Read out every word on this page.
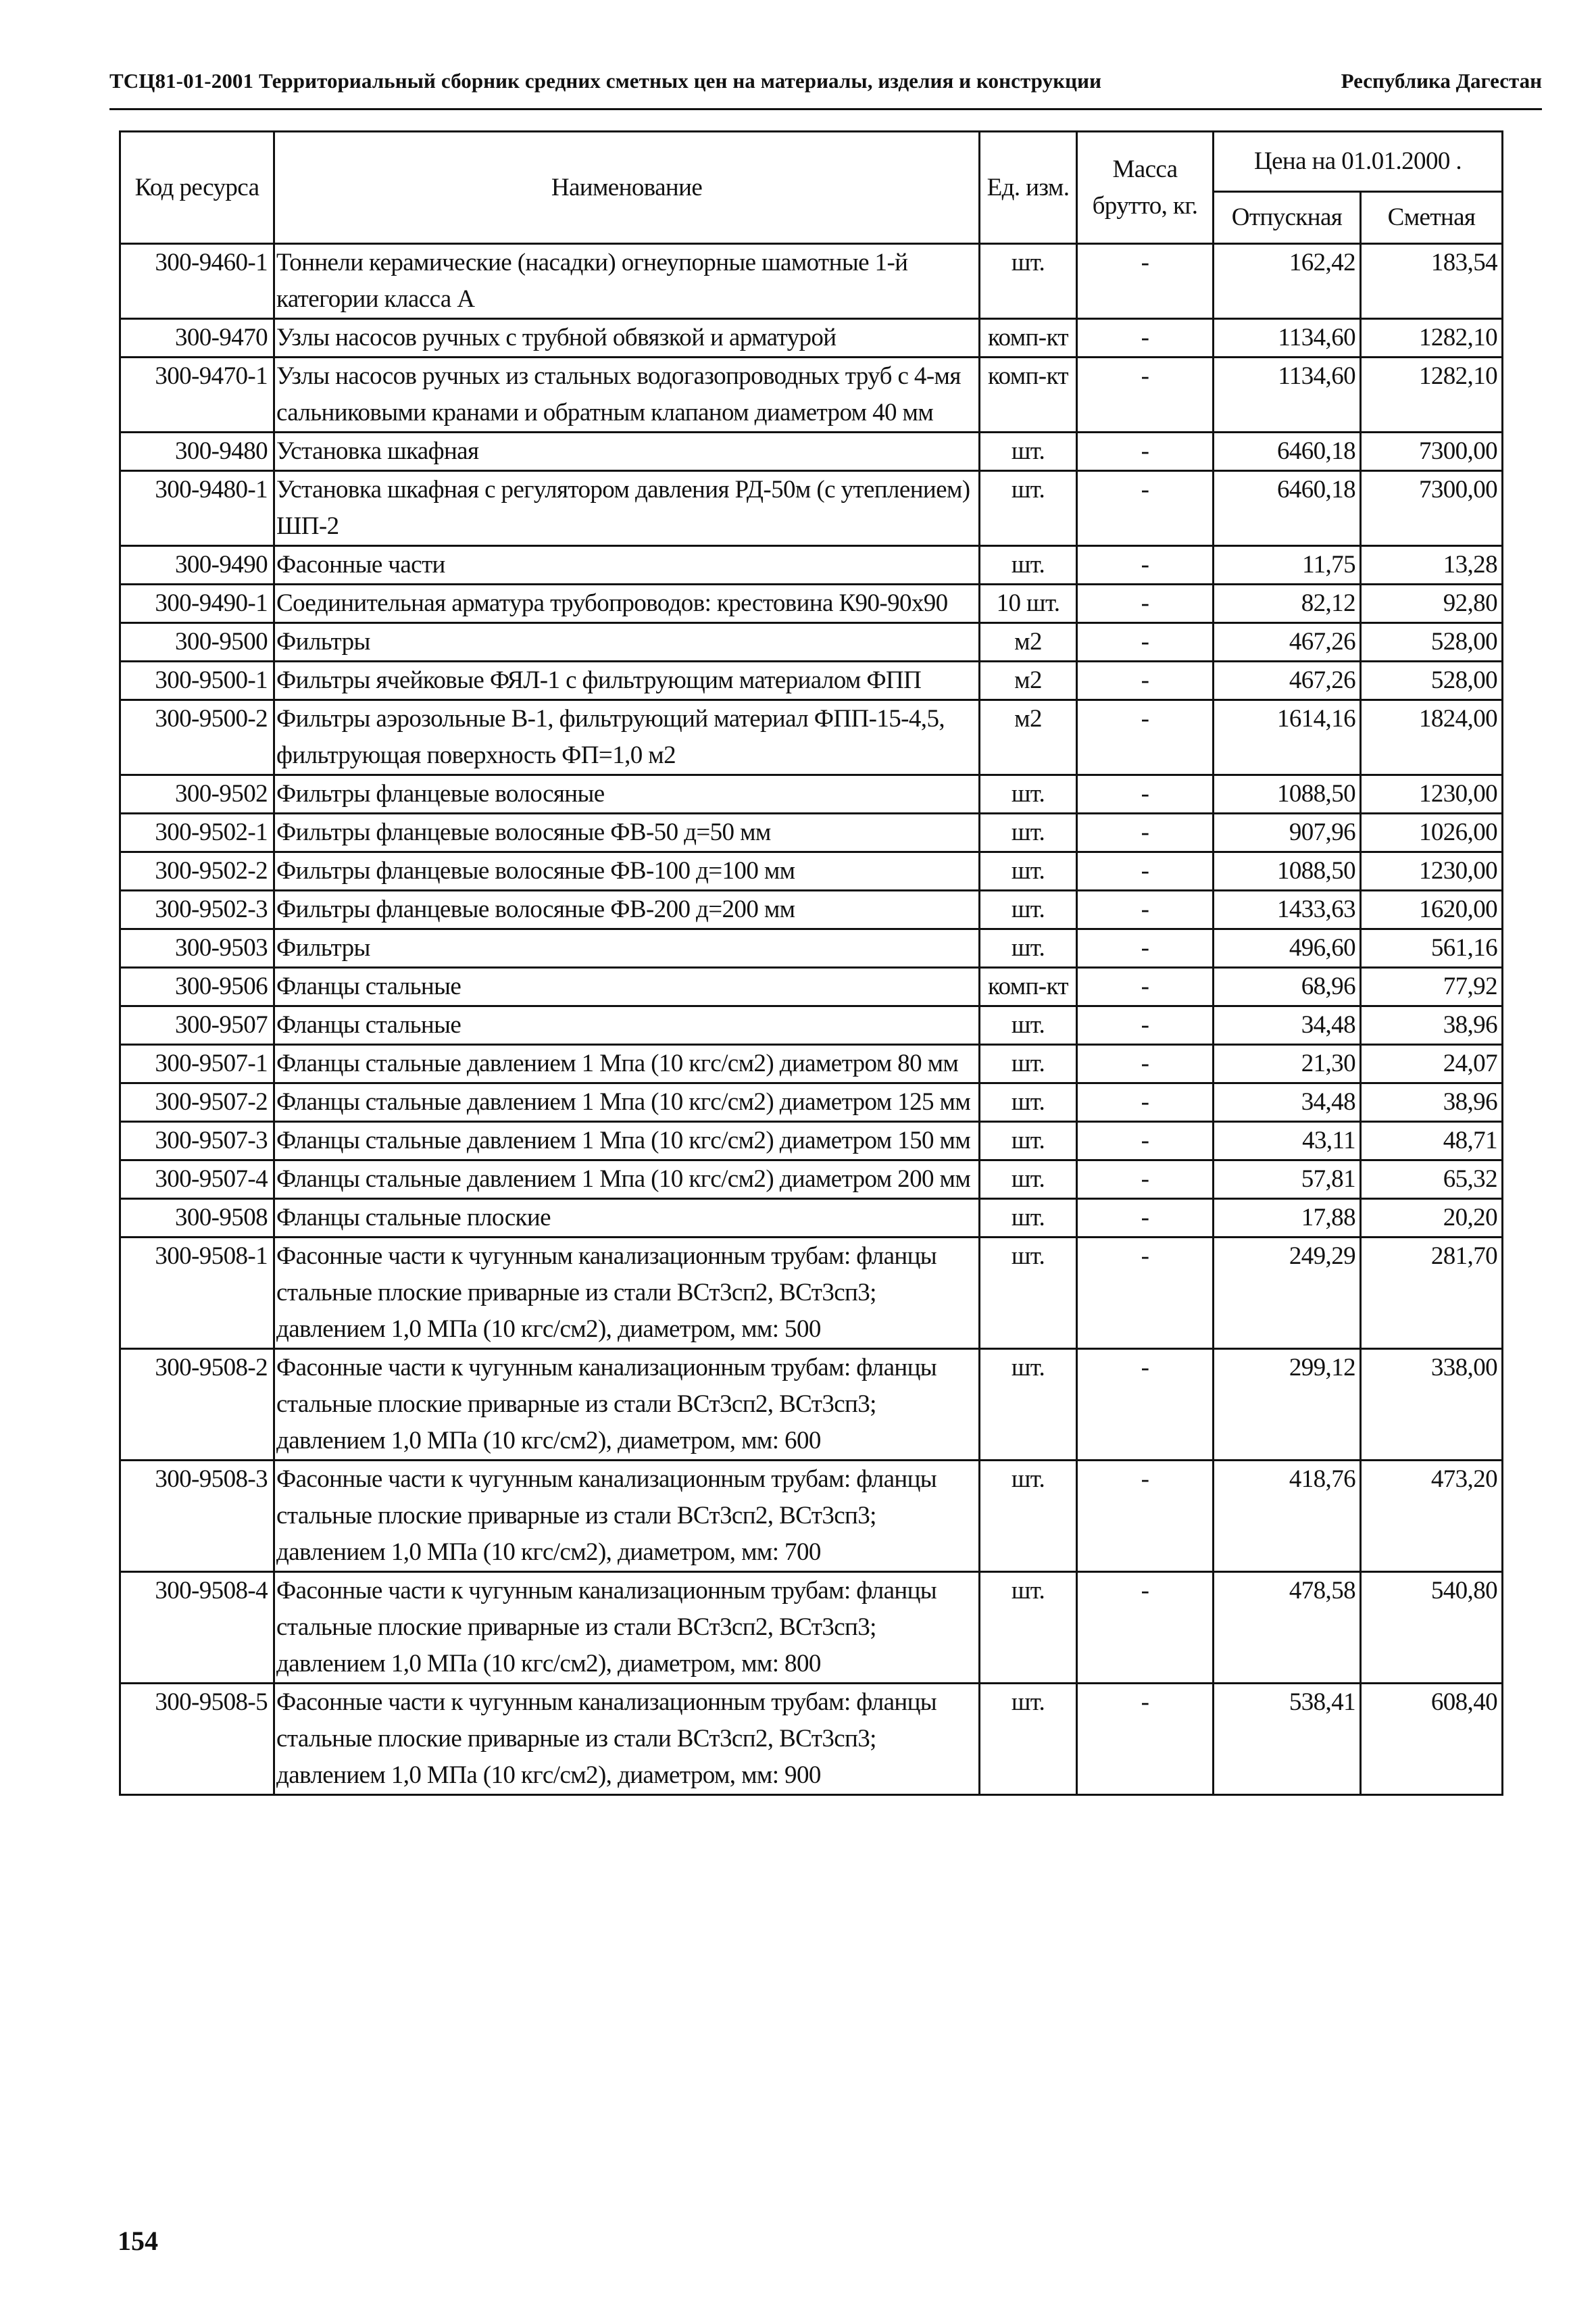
ТСЦ81-01-2001 Территориальный сборник средних сметных цен на материалы, изделия и конструкции	Республика Дагестан
Код ресурса	Наименование	Ед. изм.	Масса брутто, кг.	Цена на 01.01.2000 .	
				Отпускная	Сметная
300-9460-1	Тоннели керамические (насадки) огнеупорные шамотные 1-й категории класса А	шт.	-	162,42	183,54
300-9470	Узлы насосов ручных с трубной обвязкой и арматурой	комп-кт	-	1134,60	1282,10
300-9470-1	Узлы насосов ручных из стальных водогазопроводных труб с 4-мя сальниковыми кранами и обратным клапаном диаметром 40 мм	комп-кт	-	1134,60	1282,10
300-9480	Установка шкафная	шт.	-	6460,18	7300,00
300-9480-1	Установка шкафная с регулятором давления РД-50м (с утеплением) ШП-2	шт.	-	6460,18	7300,00
300-9490	Фасонные части	шт.	-	11,75	13,28
300-9490-1	Соединительная арматура трубопроводов: крестовина К90-90х90	10 шт.	-	82,12	92,80
300-9500	Фильтры	м2	-	467,26	528,00
300-9500-1	Фильтры ячейковые ФЯЛ-1 с фильтрующим материалом ФПП	м2	-	467,26	528,00
300-9500-2	Фильтры аэрозольные В-1, фильтрующий материал ФПП-15-4,5, фильтрующая поверхность ФП=1,0 м2	м2	-	1614,16	1824,00
300-9502	Фильтры фланцевые волосяные	шт.	-	1088,50	1230,00
300-9502-1	Фильтры фланцевые волосяные ФВ-50 д=50 мм	шт.	-	907,96	1026,00
300-9502-2	Фильтры фланцевые волосяные ФВ-100 д=100 мм	шт.	-	1088,50	1230,00
300-9502-3	Фильтры фланцевые волосяные ФВ-200 д=200 мм	шт.	-	1433,63	1620,00
300-9503	Фильтры	шт.	-	496,60	561,16
300-9506	Фланцы стальные	комп-кт	-	68,96	77,92
300-9507	Фланцы стальные	шт.	-	34,48	38,96
300-9507-1	Фланцы стальные давлением 1 Мпа (10 кгс/см2) диаметром 80 мм	шт.	-	21,30	24,07
300-9507-2	Фланцы стальные давлением 1 Мпа (10 кгс/см2) диаметром 125 мм	шт.	-	34,48	38,96
300-9507-3	Фланцы стальные давлением 1 Мпа (10 кгс/см2) диаметром 150 мм	шт.	-	43,11	48,71
300-9507-4	Фланцы стальные давлением 1 Мпа (10 кгс/см2) диаметром 200 мм	шт.	-	57,81	65,32
300-9508	Фланцы стальные плоские	шт.	-	17,88	20,20
300-9508-1	Фасонные части к чугунным канализационным трубам: фланцы стальные плоские приварные из стали ВСт3сп2, ВСт3сп3; давлением 1,0 МПа (10 кгс/см2), диаметром, мм: 500	шт.	-	249,29	281,70
300-9508-2	Фасонные части к чугунным канализационным трубам: фланцы стальные плоские приварные из стали ВСт3сп2, ВСт3сп3; давлением 1,0 МПа (10 кгс/см2), диаметром, мм: 600	шт.	-	299,12	338,00
300-9508-3	Фасонные части к чугунным канализационным трубам: фланцы стальные плоские приварные из стали ВСт3сп2, ВСт3сп3; давлением 1,0 МПа (10 кгс/см2), диаметром, мм: 700	шт.	-	418,76	473,20
300-9508-4	Фасонные части к чугунным канализационным трубам: фланцы стальные плоские приварные из стали ВСт3сп2, ВСт3сп3; давлением 1,0 МПа (10 кгс/см2), диаметром, мм: 800	шт.	-	478,58	540,80
300-9508-5	Фасонные части к чугунным канализационным трубам: фланцы стальные плоские приварные из стали ВСт3сп2, ВСт3сп3; давлением 1,0 МПа (10 кгс/см2), диаметром, мм: 900	шт.	-	538,41	608,40
154
